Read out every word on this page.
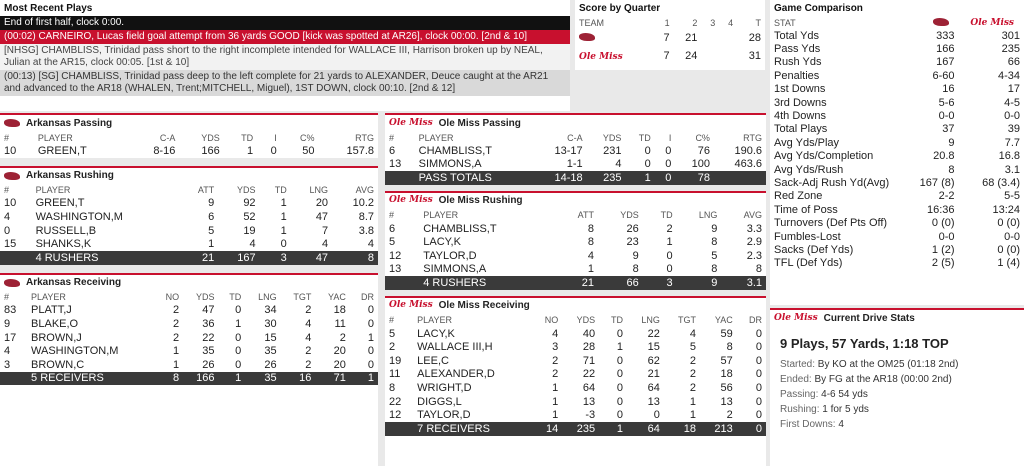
Most Recent Plays
End of first half, clock 0:00.
(00:02) CARNEIRO, Lucas field goal attempt from 36 yards GOOD [kick was spotted at AR26], clock 00:00. [2nd & 10]
[NHSG] CHAMBLISS, Trinidad pass short to the right incomplete intended for WALLACE III, Harrison broken up by NEAL, Julian at the AR15, clock 00:05. [1st & 10]
(00:13) [SG] CHAMBLISS, Trinidad pass deep to the left complete for 21 yards to ALEXANDER, Deuce caught at the AR21 and advanced to the AR18 (WHALEN, Trent;MITCHELL, Miguel), 1ST DOWN, clock 00:10. [2nd & 12]
Score by Quarter
TEAM	1	2	3	4	T
	7	21			28
Ole Miss	7	24			31
Game Comparison
STAT		Ole Miss
Total Yds	333	301
Pass Yds	166	235
Rush Yds	167	66
Penalties	6-60	4-34
1st Downs	16	17
3rd Downs	5-6	4-5
4th Downs	0-0	0-0
Total Plays	37	39
Avg Yds/Play	9	7.7
Avg Yds/Completion	20.8	16.8
Avg Yds/Rush	8	3.1
Sack-Adj Rush Yd(Avg)	167 (8)	68 (3.4)
Red Zone	2-2	5-5
Time of Poss	16:36	13:24
Turnovers (Def Pts Off)	0 (0)	0 (0)
Fumbles-Lost	0-0	0-0
Sacks (Def Yds)	1 (2)	0 (0)
TFL (Def Yds)	2 (5)	1 (4)
Ole Miss Current Drive Stats
9 Plays, 57 Yards, 1:18 TOP
Started: By KO at the OM25 (01:18 2nd)
Ended: By FG at the AR18 (00:00 2nd)
Passing: 4-6 54 yds
Rushing: 1 for 5 yds
First Downs: 4
Arkansas Passing
#	PLAYER	C-A	YDS	TD	I	C%	RTG
10	GREEN,T	8-16	166	1	0	50	157.8
Arkansas Rushing
#	PLAYER	ATT	YDS	TD	LNG	AVG
10	GREEN,T	9	92	1	20	10.2
4	WASHINGTON,M	6	52	1	47	8.7
0	RUSSELL,B	5	19	1	7	3.8
15	SHANKS,K	1	4	0	4	4
	4 RUSHERS	21	167	3	47	8
Arkansas Receiving
#	PLAYER	NO	YDS	TD	LNG	TGT	YAC	DR
83	PLATT,J	2	47	0	34	2	18	0
9	BLAKE,O	2	36	1	30	4	11	0
17	BROWN,J	2	22	0	15	4	2	1
4	WASHINGTON,M	1	35	0	35	2	20	0
3	BROWN,C	1	26	0	26	2	20	0
	5 RECEIVERS	8	166	1	35	16	71	1
Ole Miss Ole Miss Passing
#	PLAYER	C-A	YDS	TD	I	C%	RTG
6	CHAMBLISS,T	13-17	231	0	0	76	190.6
13	SIMMONS,A	1-1	4	0	0	100	463.6
	PASS TOTALS	14-18	235	1	0	78	
Ole Miss Ole Miss Rushing
#	PLAYER	ATT	YDS	TD	LNG	AVG
6	CHAMBLISS,T	8	26	2	9	3.3
5	LACY,K	8	23	1	8	2.9
12	TAYLOR,D	4	9	0	5	2.3
13	SIMMONS,A	1	8	0	8	8
	4 RUSHERS	21	66	3	9	3.1
Ole Miss Ole Miss Receiving
#	PLAYER	NO	YDS	TD	LNG	TGT	YAC	DR
5	LACY,K	4	40	0	22	4	59	0
2	WALLACE III,H	3	28	1	15	5	8	0
19	LEE,C	2	71	0	62	2	57	0
11	ALEXANDER,D	2	22	0	21	2	18	0
8	WRIGHT,D	1	64	0	64	2	56	0
22	DIGGS,L	1	13	0	13	1	13	0
12	TAYLOR,D	1	-3	0	0	1	2	0
	7 RECEIVERS	14	235	1	64	18	213	0
